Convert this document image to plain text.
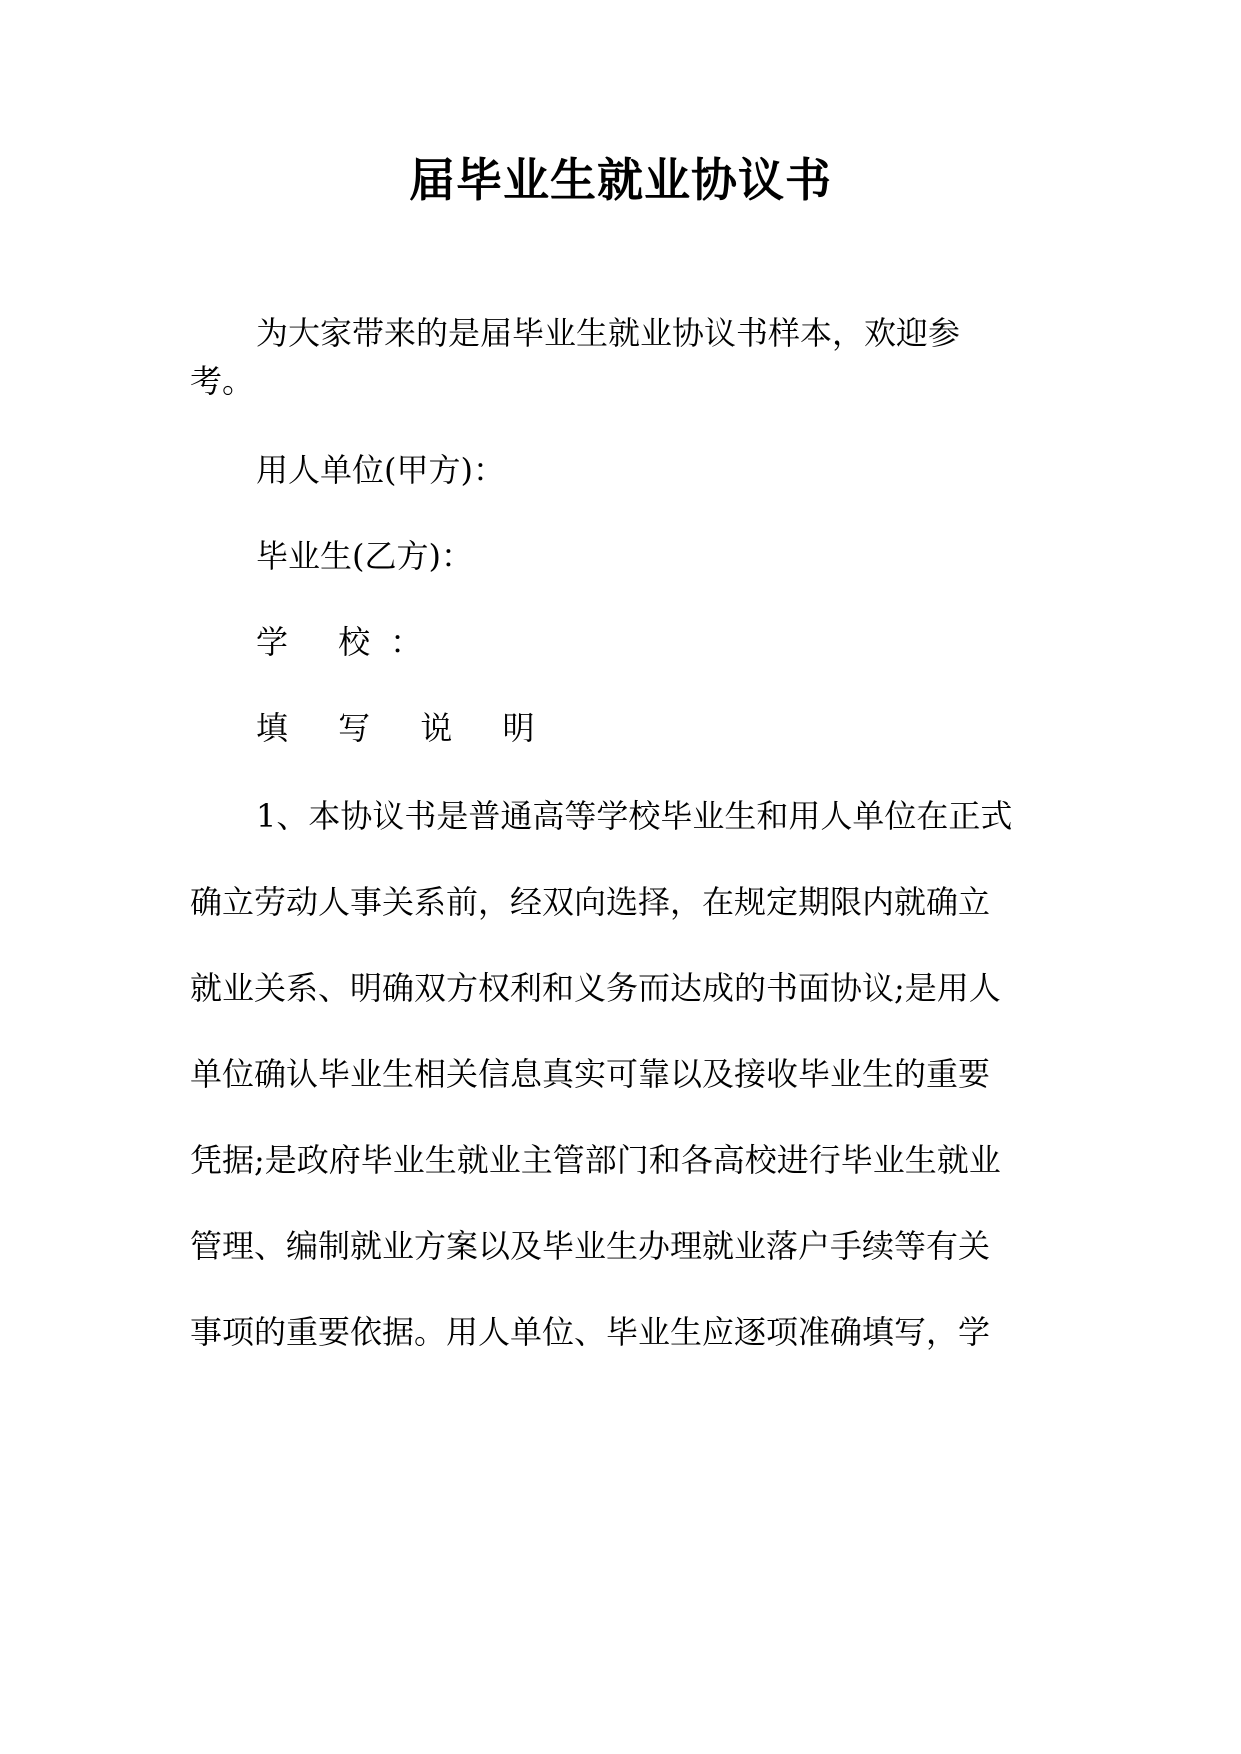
届毕业生就业协议书

为大家带来的是届毕业生就业协议书样本，欢迎参

考。

用人单位(甲方)：

毕业生(乙方)：

学 校：

填 写 说 明

1、本协议书是普通高等学校毕业生和用人单位在正式

确立劳动人事关系前，经双向选择，在规定期限内就确立

就业关系、明确双方权利和义务而达成的书面协议;是用人

单位确认毕业生相关信息真实可靠以及接收毕业生的重要

凭据;是政府毕业生就业主管部门和各高校进行毕业生就业

管理、编制就业方案以及毕业生办理就业落户手续等有关

事项的重要依据。用人单位、毕业生应逐项准确填写，学
